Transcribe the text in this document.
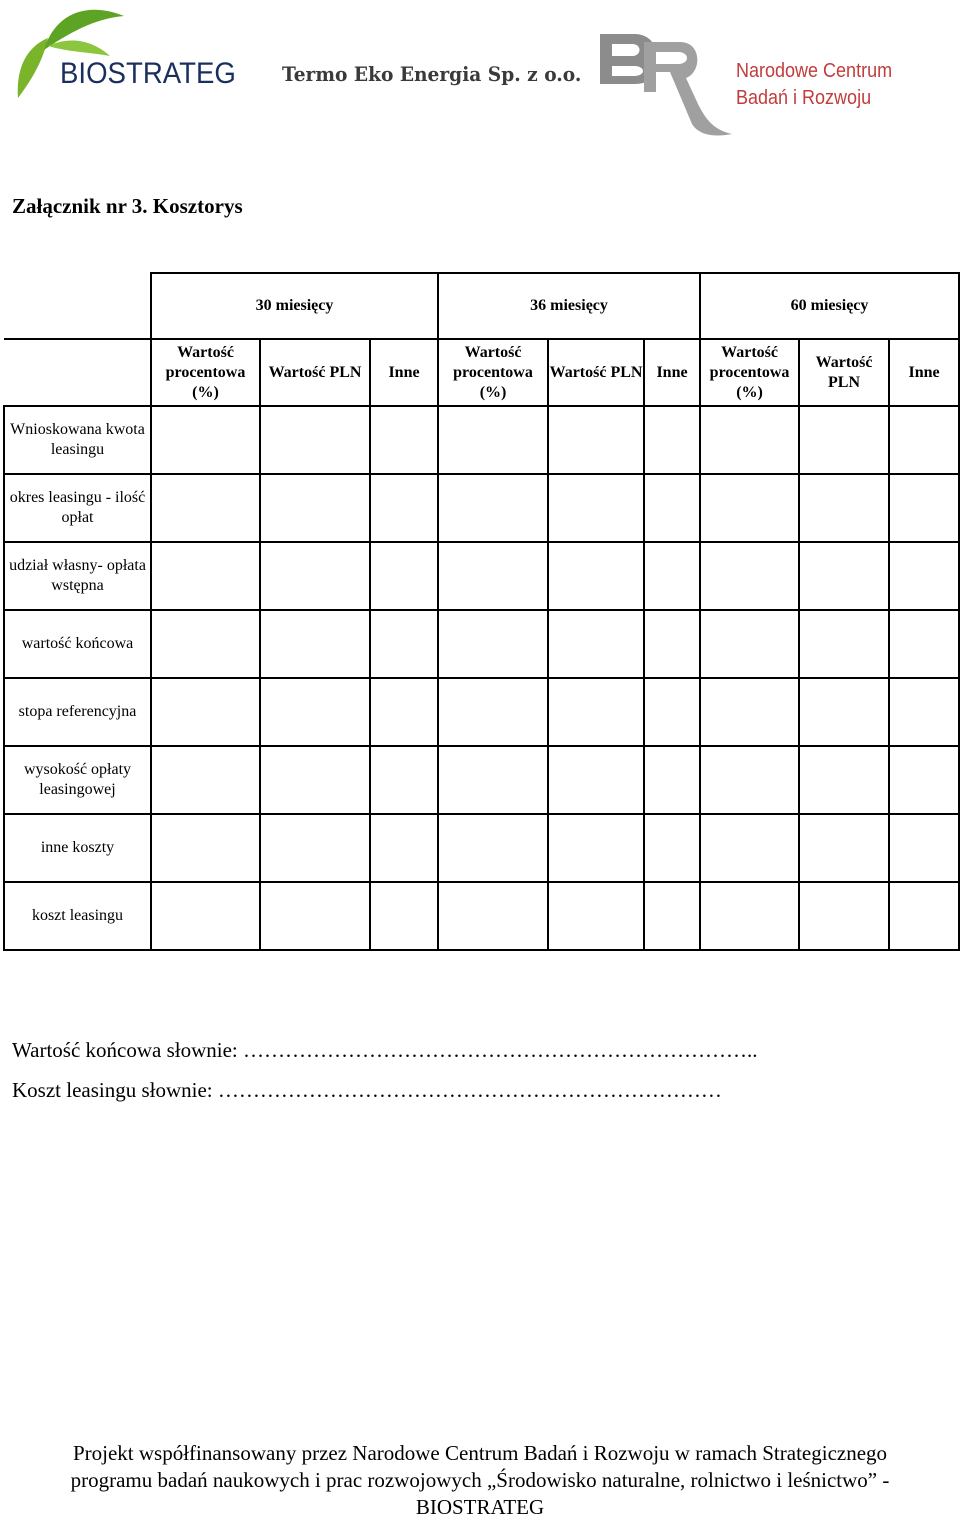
BIOSTRATEG Termo Eko Energia Sp. z o.o.	Narodowe Centrum
Badań i Rozwoju
Załącznik nr 3. Kosztorys
	30 miesięcy			36 miesięcy			60 miesięcy		
	Wartość procentowa (%)	Wartość PLN	Inne	Wartość procentowa (%)	Wartość PLN	Inne	Wartość procentowa (%)	Wartość PLN	Inne
Wnioskowana kwota leasingu									
okres leasingu - ilość opłat									
udział własny- opłata wstępna									
wartość końcowa									
stopa referencyjna									
wysokość opłaty leasingowej									
inne koszty									
koszt leasingu									
Wartość końcowa słownie: ………………………………………………………………..
Koszt leasingu słownie: ………………………………………………………………
Projekt współfinansowany przez Narodowe Centrum Badań i Rozwoju w ramach Strategicznego
programu badań naukowych i prac rozwojowych „Środowisko naturalne, rolnictwo i leśnictwo” -
BIOSTRATEG
